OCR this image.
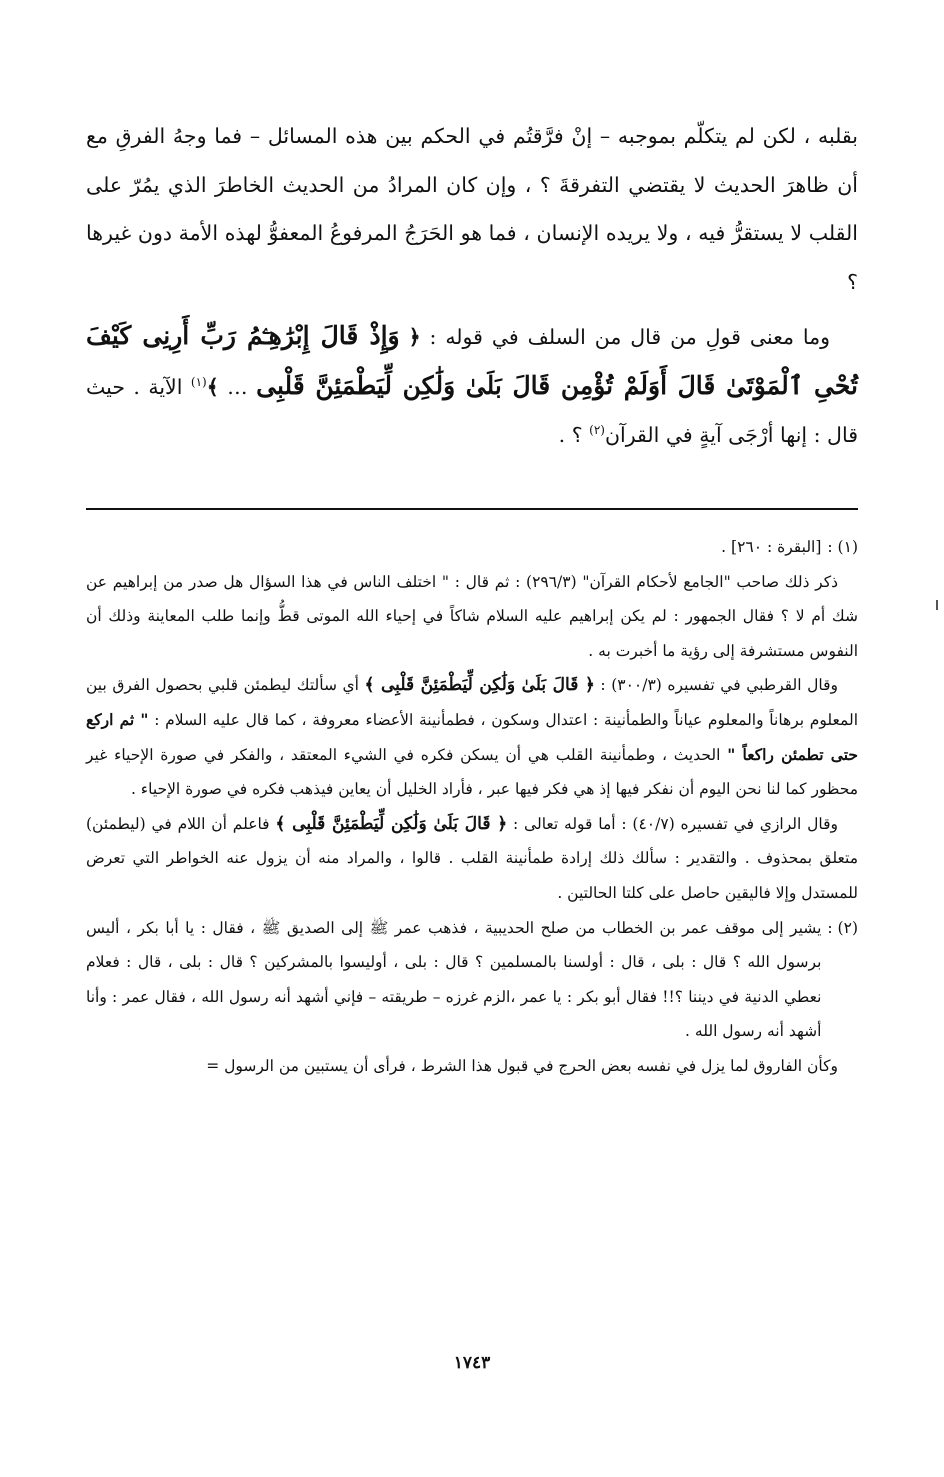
بقلبه ، لكن لم يتكلّم بموجبه – إنْ فرَّقتُم في الحكم بين هذه المسائل – فما وجهُ الفرقِ مع أن ظاهرَ الحديث لا يقتضي التفرقةَ ؟ ، وإن كان المرادُ من الحديث الخاطرَ الذي يمُرّ على القلب لا يستقرُّ فيه ، ولا يريده الإنسان ، فما هو الحَرَجُ المرفوعُ المعفوُّ لهذه الأمة دون غيرها ؟

وما معنى قولِ من قال من السلف في قوله : ﴿ وَإِذْ قَالَ إِبْرَٰهِـۧمُ رَبِّ أَرِنِى كَيْفَ تُحْىِ ٱلْمَوْتَىٰ قَالَ أَوَلَمْ تُؤْمِن قَالَ بَلَىٰ وَلَٰكِن لِّيَطْمَئِنَّ قَلْبِى … ﴾$^{(١)}$ الآية . حيث قال : إنها أرْجَى آيةٍ في القرآن$^{(٢)}$ ؟ .

(١) :
[البقرة : ٢٦٠] .

ذكر ذلك صاحب "الجامع لأحكام القرآن" (٢٩٦/٣) : ثم قال : " اختلف الناس في هذا السؤال هل صدر من إبراهيم عن شك أم لا ؟ فقال الجمهور : لم يكن إبراهيم عليه السلام شاكاً في إحياء الله الموتى قطُّ وإنما طلب المعاينة وذلك أن النفوس مستشرفة إلى رؤية ما أخبرت به .

وقال القرطبي في تفسيره (٣٠٠/٣) : ﴿ قَالَ بَلَىٰ وَلَٰكِن لِّيَطْمَئِنَّ قَلْبِى ﴾ أي سألتك ليطمئن قلبي بحصول الفرق بين المعلوم برهاناً والمعلوم عياناً والطمأنينة : اعتدال وسكون ، فطمأنينة الأعضاء معروفة ، كما قال عليه السلام : " ثم اركع حتى تطمئن راكعاً " الحديث ، وطمأنينة القلب هي أن يسكن فكره في الشيء المعتقد ، والفكر في صورة الإحياء غير محظور كما لنا نحن اليوم أن نفكر فيها إذ هي فكر فيها عبر ، فأراد الخليل أن يعاين فيذهب فكره في صورة الإحياء .

وقال الرازي في تفسيره (٤٠/٧) : أما قوله تعالى : ﴿ قَالَ بَلَىٰ وَلَٰكِن لِّيَطْمَئِنَّ قَلْبِى ﴾ فاعلم أن اللام في (ليطمئن) متعلق بمحذوف . والتقدير : سألك ذلك إرادة طمأنينة القلب . قالوا ، والمراد منه أن يزول عنه الخواطر التي تعرض للمستدل وإلا فاليقين حاصل على كلتا الحالتين .

(٢) :
يشير إلى موقف عمر بن الخطاب من صلح الحديبية ، فذهب عمر ﷺ إلى الصديق ﷺ ، فقال : يا أبا بكر ، أليس برسول الله ؟ قال : بلى ، قال : أولسنا بالمسلمين ؟ قال : بلى ، أوليسوا بالمشركين ؟ قال : بلى ، قال : فعلام نعطي الدنية في ديننا ؟!! فقال أبو بكر : يا عمر ،الزم غرزه – طريقته – فإني أشهد أنه رسول الله ، فقال عمر : وأنا أشهد أنه رسول الله .

وكأن الفاروق لما يزل في نفسه بعض الحرج في قبول هذا الشرط ، فرأى أن يستبين من الرسول =

١٧٤٣
